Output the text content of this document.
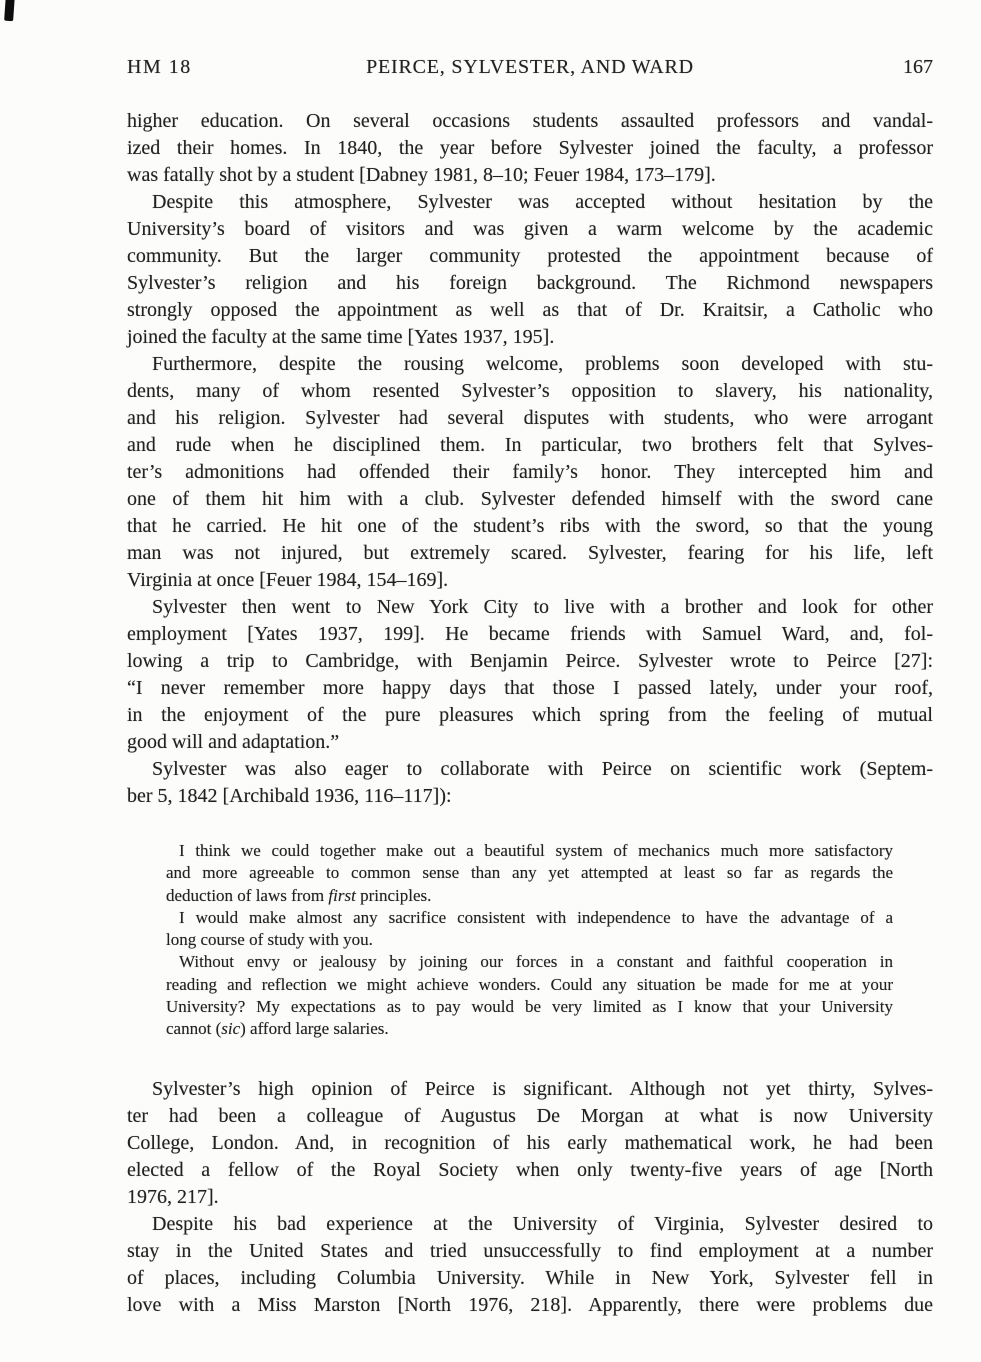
HM 18	PEIRCE, SYLVESTER, AND WARD	167
higher education. On several occasions students assaulted professors and vandal-
ized their homes. In 1840, the year before Sylvester joined the faculty, a professor
was fatally shot by a student [Dabney 1981, 8–10; Feuer 1984, 173–179].
Despite this atmosphere, Sylvester was accepted without hesitation by the
University’s board of visitors and was given a warm welcome by the academic
community. But the larger community protested the appointment because of
Sylvester’s religion and his foreign background. The Richmond newspapers
strongly opposed the appointment as well as that of Dr. Kraitsir, a Catholic who
joined the faculty at the same time [Yates 1937, 195].
Furthermore, despite the rousing welcome, problems soon developed with stu-
dents, many of whom resented Sylvester’s opposition to slavery, his nationality,
and his religion. Sylvester had several disputes with students, who were arrogant
and rude when he disciplined them. In particular, two brothers felt that Sylves-
ter’s admonitions had offended their family’s honor. They intercepted him and
one of them hit him with a club. Sylvester defended himself with the sword cane
that he carried. He hit one of the student’s ribs with the sword, so that the young
man was not injured, but extremely scared. Sylvester, fearing for his life, left
Virginia at once [Feuer 1984, 154–169].
Sylvester then went to New York City to live with a brother and look for other
employment [Yates 1937, 199]. He became friends with Samuel Ward, and, fol-
lowing a trip to Cambridge, with Benjamin Peirce. Sylvester wrote to Peirce [27]:
“I never remember more happy days that those I passed lately, under your roof,
in the enjoyment of the pure pleasures which spring from the feeling of mutual
good will and adaptation.”
Sylvester was also eager to collaborate with Peirce on scientific work (Septem-
ber 5, 1842 [Archibald 1936, 116–117]):
I think we could together make out a beautiful system of mechanics much more satisfactory
and more agreeable to common sense than any yet attempted at least so far as regards the
deduction of laws from first principles.
I would make almost any sacrifice consistent with independence to have the advantage of a
long course of study with you.
Without envy or jealousy by joining our forces in a constant and faithful cooperation in
reading and reflection we might achieve wonders. Could any situation be made for me at your
University? My expectations as to pay would be very limited as I know that your University
cannot (sic) afford large salaries.
Sylvester’s high opinion of Peirce is significant. Although not yet thirty, Sylves-
ter had been a colleague of Augustus De Morgan at what is now University
College, London. And, in recognition of his early mathematical work, he had been
elected a fellow of the Royal Society when only twenty-five years of age [North
1976, 217].
Despite his bad experience at the University of Virginia, Sylvester desired to
stay in the United States and tried unsuccessfully to find employment at a number
of places, including Columbia University. While in New York, Sylvester fell in
love with a Miss Marston [North 1976, 218]. Apparently, there were problems due
